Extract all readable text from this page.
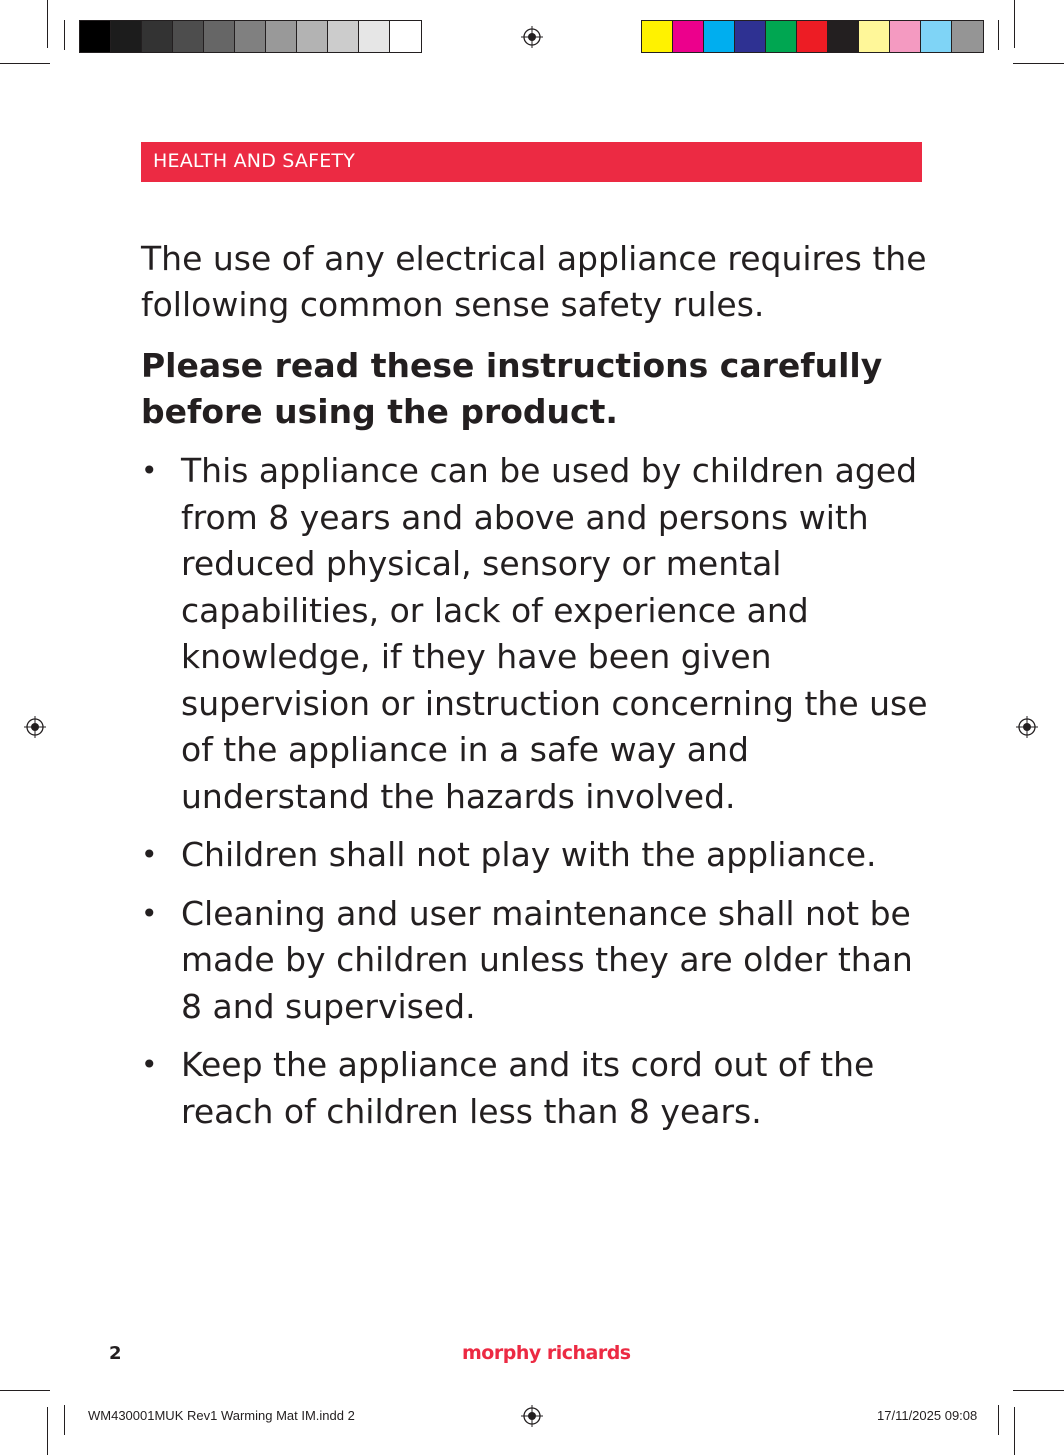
HEALTH AND SAFETY
The use of any electrical appliance requires the following common sense safety rules.
Please read these instructions carefully before using the product.
• This appliance can be used by children aged from 8 years and above and persons with reduced physical, sensory or mental capabilities, or lack of experience and knowledge, if they have been given supervision or instruction concerning the use of the appliance in a safe way and understand the hazards involved.
• Children shall not play with the appliance.
• Cleaning and user maintenance shall not be made by children unless they are older than 8 and supervised.
• Keep the appliance and its cord out of the reach of children less than 8 years.
2	morphy richards
WM430001MUK Rev1 Warming Mat IM.indd 2	17/11/2025 09:08
